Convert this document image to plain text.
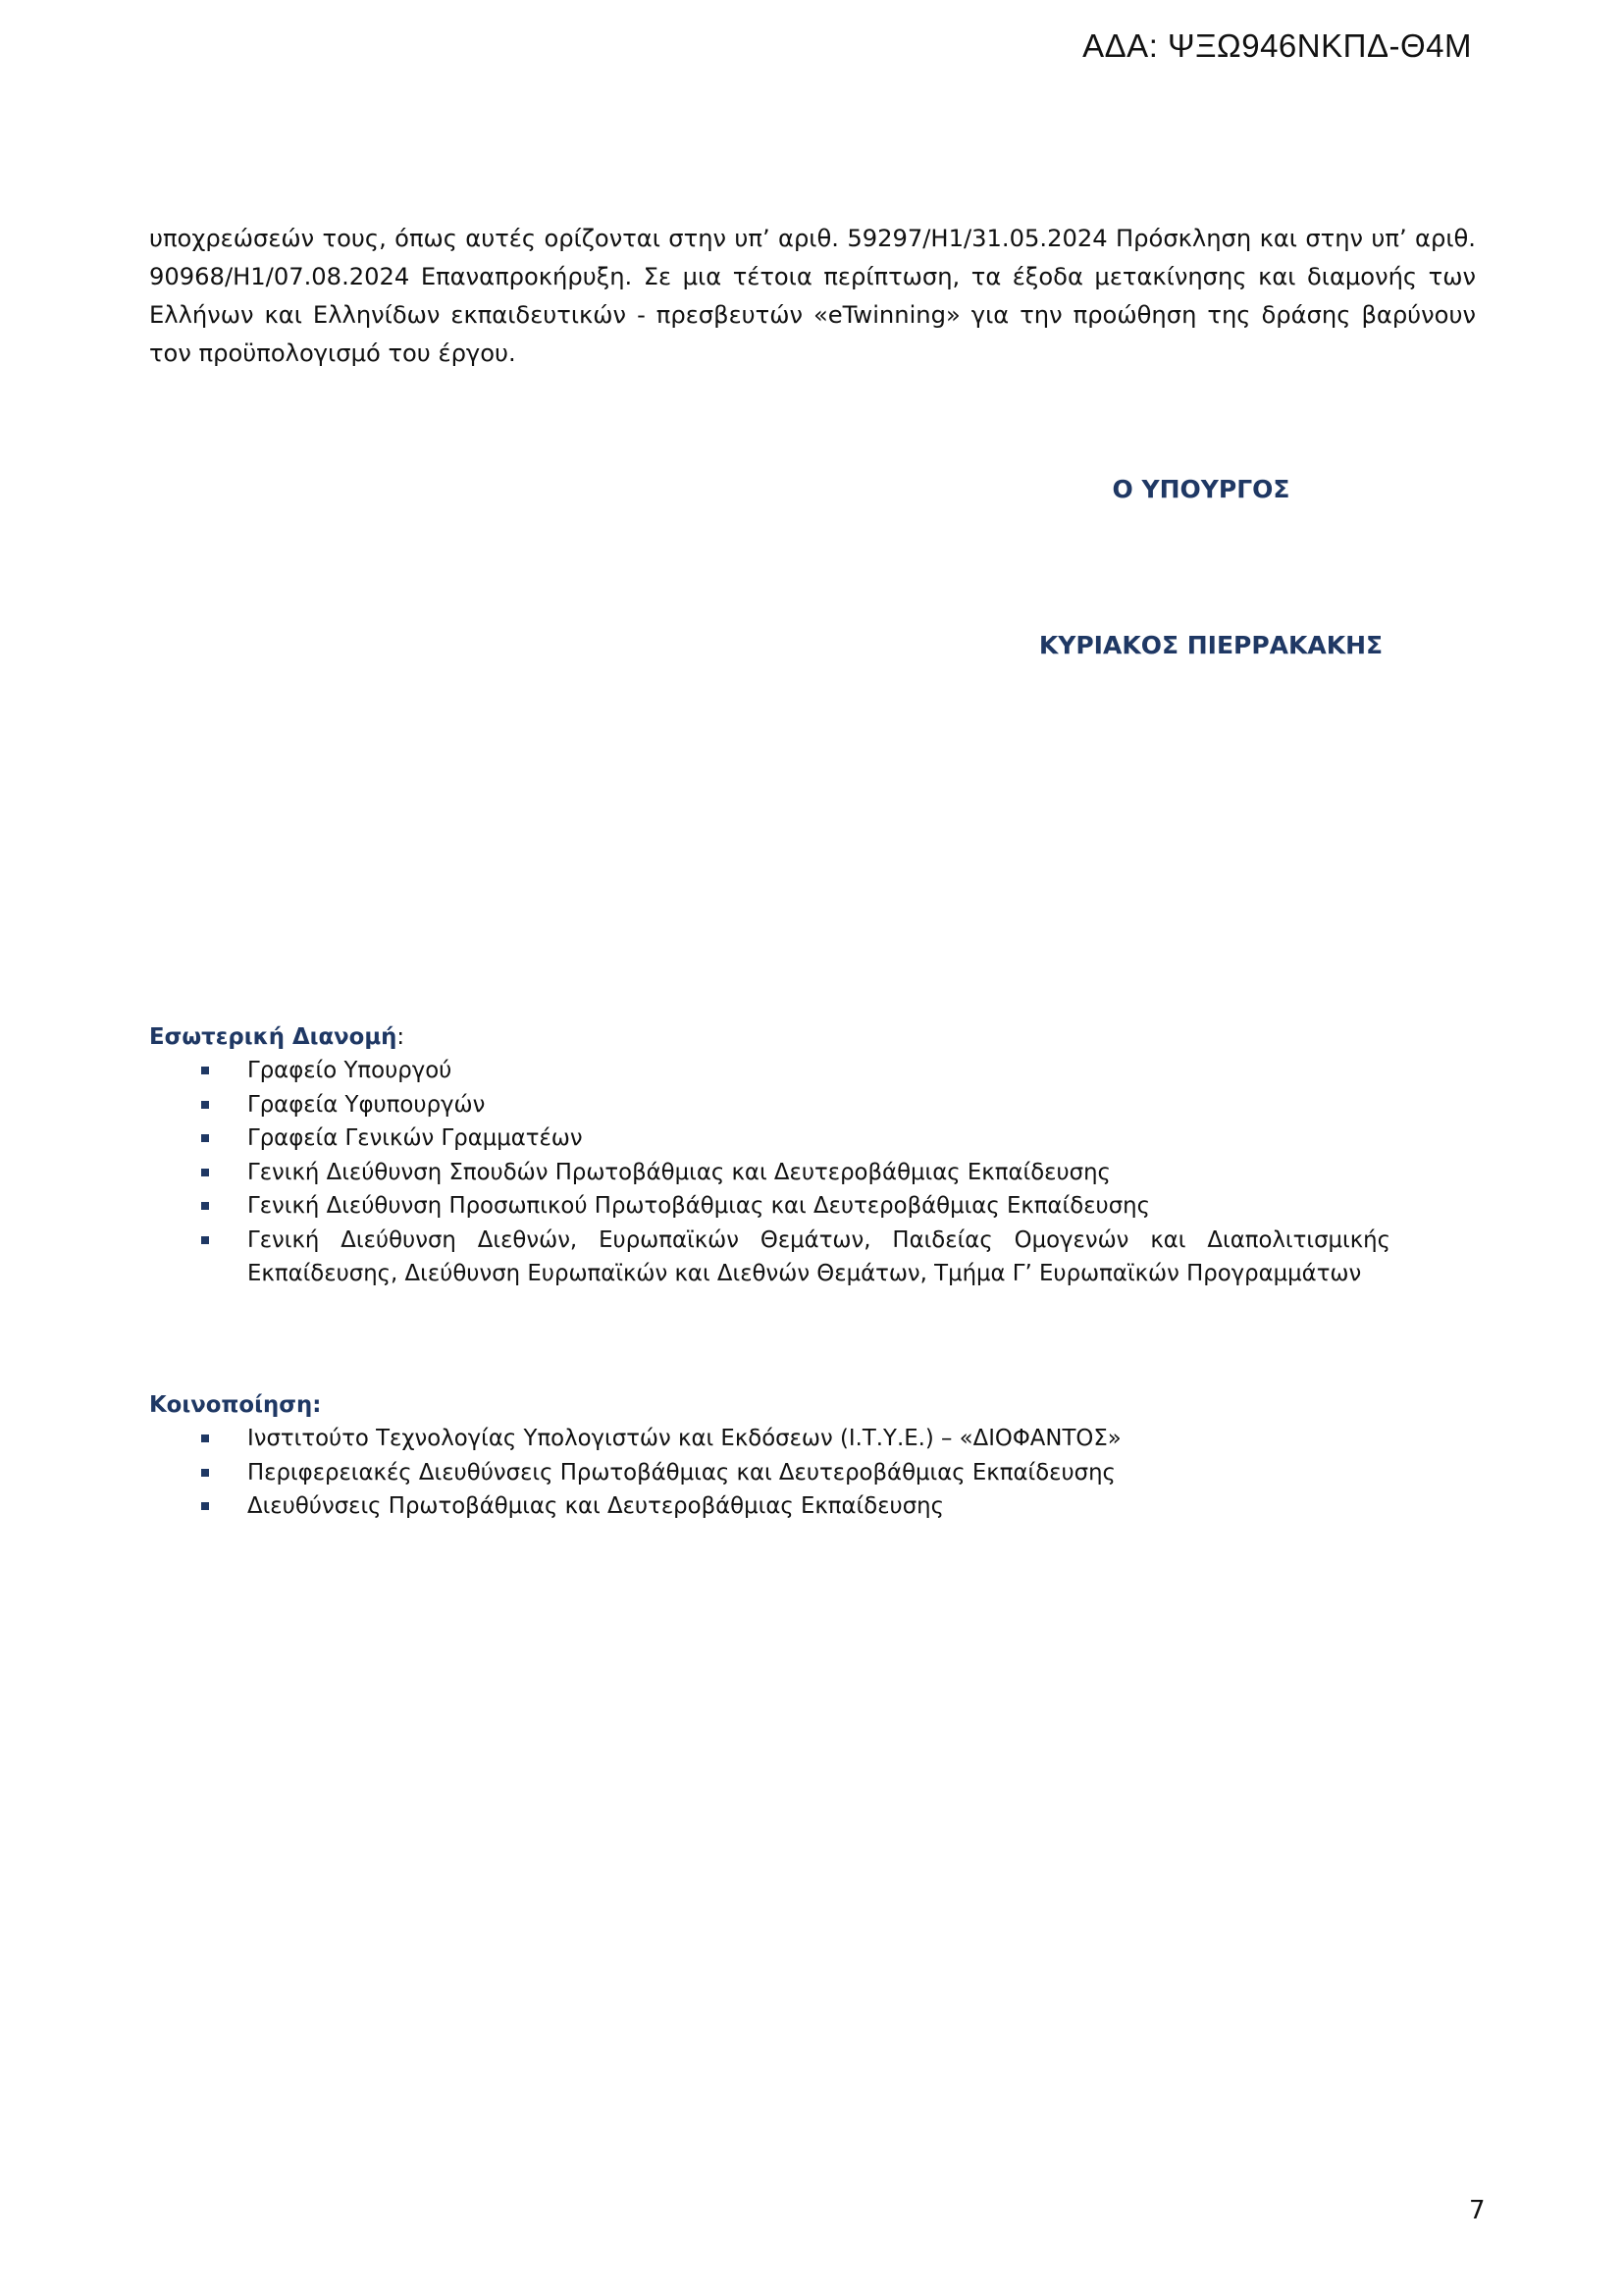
ΑΔΑ: ΨΞΩ946ΝΚΠΔ-Θ4Μ

υποχρεώσεών τους, όπως αυτές ορίζονται στην υπ’ αριθ. 59297/Η1/31.05.2024 Πρόσκληση και στην υπ’ αριθ. 90968/Η1/07.08.2024 Επαναπροκήρυξη. Σε μια τέτοια περίπτωση, τα έξοδα μετακίνησης και διαμονής των Ελλήνων και Ελληνίδων εκπαιδευτικών - πρεσβευτών «eTwinning» για την προώθηση της δράσης βαρύνουν τον προϋπολογισμό του έργου.

Ο ΥΠΟΥΡΓΟΣ
ΚΥΡΙΑΚΟΣ ΠΙΕΡΡΑΚΑΚΗΣ
Εσωτερική Διανομή:
Γραφείο Υπουργού
Γραφεία Υφυπουργών
Γραφεία Γενικών Γραμματέων
Γενική Διεύθυνση Σπουδών Πρωτοβάθμιας και Δευτεροβάθμιας Εκπαίδευσης
Γενική Διεύθυνση Προσωπικού Πρωτοβάθμιας και Δευτεροβάθμιας Εκπαίδευσης
Γενική Διεύθυνση Διεθνών, Ευρωπαϊκών Θεμάτων, Παιδείας Ομογενών και Διαπολιτισμικής Εκπαίδευσης, Διεύθυνση Ευρωπαϊκών και Διεθνών Θεμάτων, Τμήμα Γ’ Ευρωπαϊκών Προγραμμάτων
Κοινοποίηση:
Ινστιτούτο Τεχνολογίας Υπολογιστών και Εκδόσεων (Ι.Τ.Υ.Ε.) – «ΔΙΟΦΑΝΤΟΣ»
Περιφερειακές Διευθύνσεις Πρωτοβάθμιας και Δευτεροβάθμιας Εκπαίδευσης
Διευθύνσεις Πρωτοβάθμιας και Δευτεροβάθμιας Εκπαίδευσης
7
